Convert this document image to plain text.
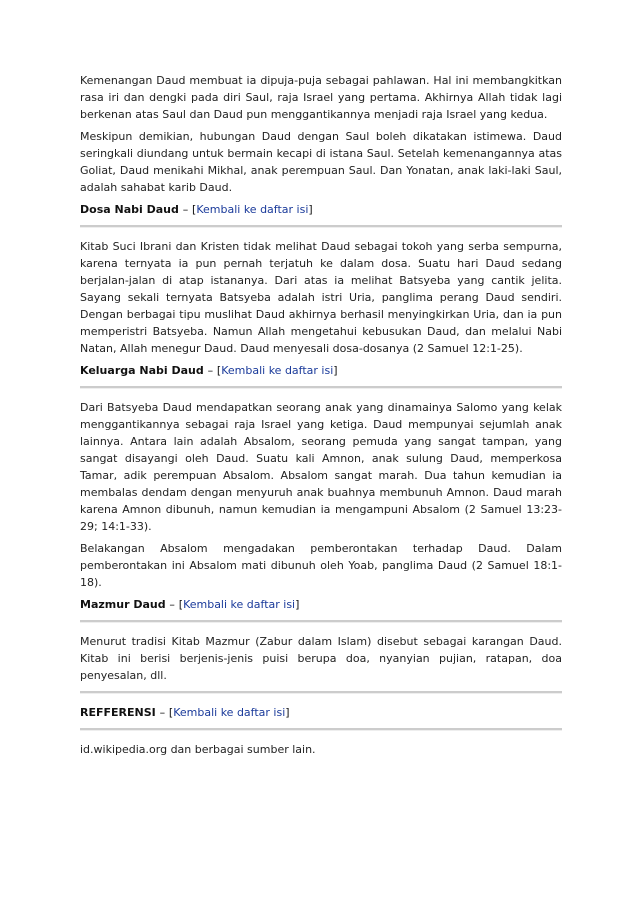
Kemenangan Daud membuat ia dipuja-puja sebagai pahlawan. Hal ini membangkitkan rasa iri dan dengki pada diri Saul, raja Israel yang pertama. Akhirnya Allah tidak lagi berkenan atas Saul dan Daud pun menggantikannya menjadi raja Israel yang kedua.

Meskipun demikian, hubungan Daud dengan Saul boleh dikatakan istimewa. Daud seringkali diundang untuk bermain kecapi di istana Saul. Setelah kemenangannya atas Goliat, Daud menikahi Mikhal, anak perempuan Saul. Dan Yonatan, anak laki-laki Saul, adalah sahabat karib Daud.

Dosa Nabi Daud – [Kembali ke daftar isi]

Kitab Suci Ibrani dan Kristen tidak melihat Daud sebagai tokoh yang serba sempurna, karena ternyata ia pun pernah terjatuh ke dalam dosa. Suatu hari Daud sedang berjalan-jalan di atap istananya. Dari atas ia melihat Batsyeba yang cantik jelita. Sayang sekali ternyata Batsyeba adalah istri Uria, panglima perang Daud sendiri. Dengan berbagai tipu muslihat Daud akhirnya berhasil menyingkirkan Uria, dan ia pun memperistri Batsyeba. Namun Allah mengetahui kebusukan Daud, dan melalui Nabi Natan, Allah menegur Daud. Daud menyesali dosa-dosanya (2 Samuel 12:1-25).

Keluarga Nabi Daud – [Kembali ke daftar isi]

Dari Batsyeba Daud mendapatkan seorang anak yang dinamainya Salomo yang kelak menggantikannya sebagai raja Israel yang ketiga. Daud mempunyai sejumlah anak lainnya. Antara lain adalah Absalom, seorang pemuda yang sangat tampan, yang sangat disayangi oleh Daud. Suatu kali Amnon, anak sulung Daud, memperkosa Tamar, adik perempuan Absalom. Absalom sangat marah. Dua tahun kemudian ia membalas dendam dengan menyuruh anak buahnya membunuh Amnon. Daud marah karena Amnon dibunuh, namun kemudian ia mengampuni Absalom (2 Samuel 13:23-29; 14:1-33).

Belakangan Absalom mengadakan pemberontakan terhadap Daud. Dalam pemberontakan ini Absalom mati dibunuh oleh Yoab, panglima Daud (2 Samuel 18:1-18).

Mazmur Daud – [Kembali ke daftar isi]

Menurut tradisi Kitab Mazmur (Zabur dalam Islam) disebut sebagai karangan Daud. Kitab ini berisi berjenis-jenis puisi berupa doa, nyanyian pujian, ratapan, doa penyesalan, dll.

REFFERENSI – [Kembali ke daftar isi]

id.wikipedia.org dan berbagai sumber lain.
